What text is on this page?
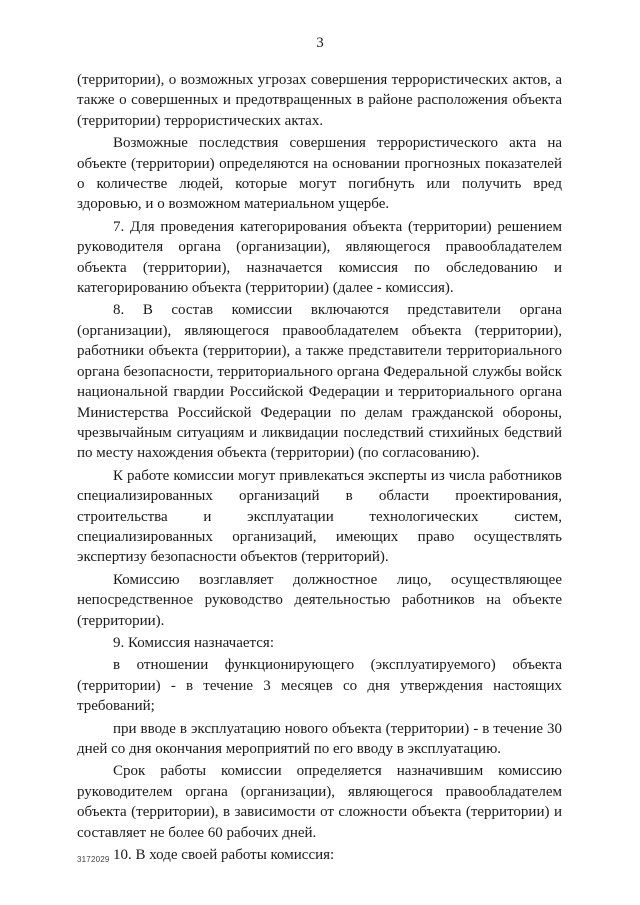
3

(территории), о возможных угрозах совершения террористических актов, а также о совершенных и предотвращенных в районе расположения объекта (территории) террористических актах.

Возможные последствия совершения террористического акта на объекте (территории) определяются на основании прогнозных показателей о количестве людей, которые могут погибнуть или получить вред здоровью, и о возможном материальном ущербе.

7. Для проведения категорирования объекта (территории) решением руководителя органа (организации), являющегося правообладателем объекта (территории), назначается комиссия по обследованию и категорированию объекта (территории) (далее - комиссия).

8. В состав комиссии включаются представители органа (организации), являющегося правообладателем объекта (территории), работники объекта (территории), а также представители территориального органа безопасности, территориального органа Федеральной службы войск национальной гвардии Российской Федерации и территориального органа Министерства Российской Федерации по делам гражданской обороны, чрезвычайным ситуациям и ликвидации последствий стихийных бедствий по месту нахождения объекта (территории) (по согласованию).

К работе комиссии могут привлекаться эксперты из числа работников специализированных организаций в области проектирования, строительства и эксплуатации технологических систем, специализированных организаций, имеющих право осуществлять экспертизу безопасности объектов (территорий).

Комиссию возглавляет должностное лицо, осуществляющее непосредственное руководство деятельностью работников на объекте (территории).

9. Комиссия назначается:

в отношении функционирующего (эксплуатируемого) объекта (территории) - в течение 3 месяцев со дня утверждения настоящих требований;

при вводе в эксплуатацию нового объекта (территории) - в течение 30 дней со дня окончания мероприятий по его вводу в эксплуатацию.

Срок работы комиссии определяется назначившим комиссию руководителем органа (организации), являющегося правообладателем объекта (территории), в зависимости от сложности объекта (территории) и составляет не более 60 рабочих дней.

10. В ходе своей работы комиссия:

3172029
